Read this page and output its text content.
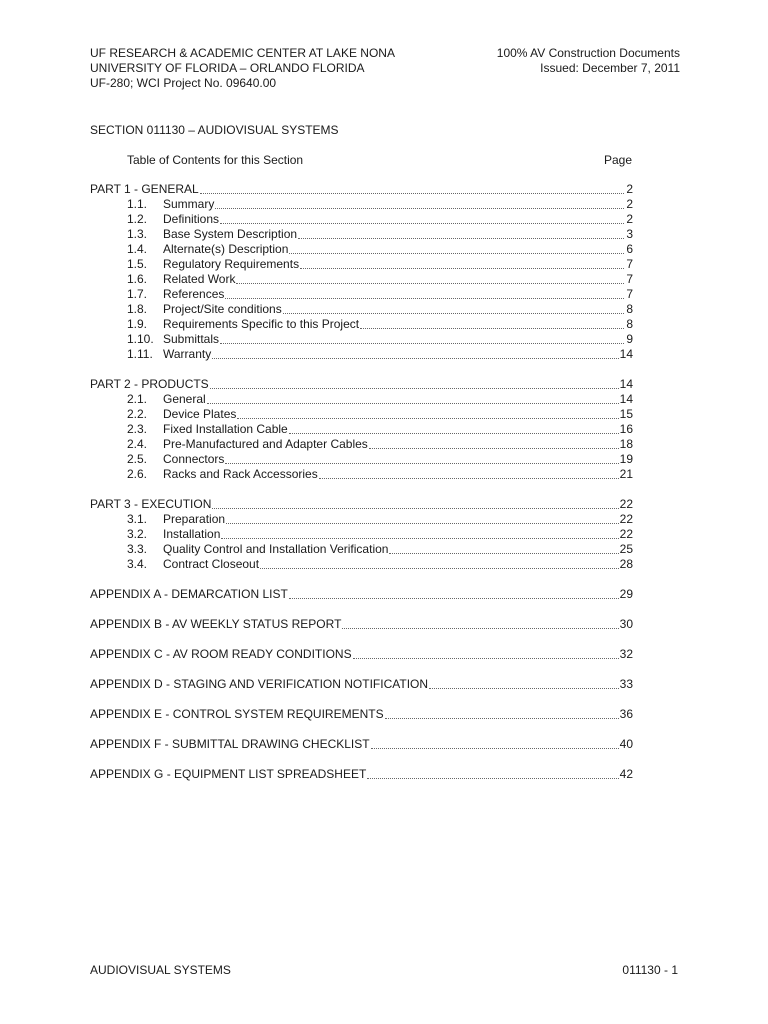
UF RESEARCH & ACADEMIC CENTER AT LAKE NONA	100% AV Construction Documents
UNIVERSITY OF FLORIDA – ORLANDO FLORIDA	Issued: December 7, 2011
UF-280; WCI Project No. 09640.00
SECTION 011130 – AUDIOVISUAL SYSTEMS
Table of Contents for this Section	Page
PART 1 - GENERAL	2
1.1.	Summary	2
1.2.	Definitions	2
1.3.	Base System Description	3
1.4.	Alternate(s) Description	6
1.5.	Regulatory Requirements	7
1.6.	Related Work	7
1.7.	References	7
1.8.	Project/Site conditions	8
1.9.	Requirements Specific to this Project	8
1.10. Submittals	9
1.11. Warranty	14
PART 2 - PRODUCTS	14
2.1.	General	14
2.2.	Device Plates	15
2.3.	Fixed Installation Cable	16
2.4.	Pre-Manufactured and Adapter Cables	18
2.5.	Connectors	19
2.6.	Racks and Rack Accessories	21
PART 3 - EXECUTION	22
3.1.	Preparation	22
3.2.	Installation	22
3.3.	Quality Control and Installation Verification	25
3.4.	Contract Closeout	28
APPENDIX A - DEMARCATION LIST	29
APPENDIX B - AV WEEKLY STATUS REPORT	30
APPENDIX C - AV ROOM READY CONDITIONS	32
APPENDIX D - STAGING AND VERIFICATION NOTIFICATION	33
APPENDIX E - CONTROL SYSTEM REQUIREMENTS	36
APPENDIX F - SUBMITTAL DRAWING CHECKLIST	40
APPENDIX G - EQUIPMENT LIST SPREADSHEET	42
AUDIOVISUAL SYSTEMS	011130 - 1
